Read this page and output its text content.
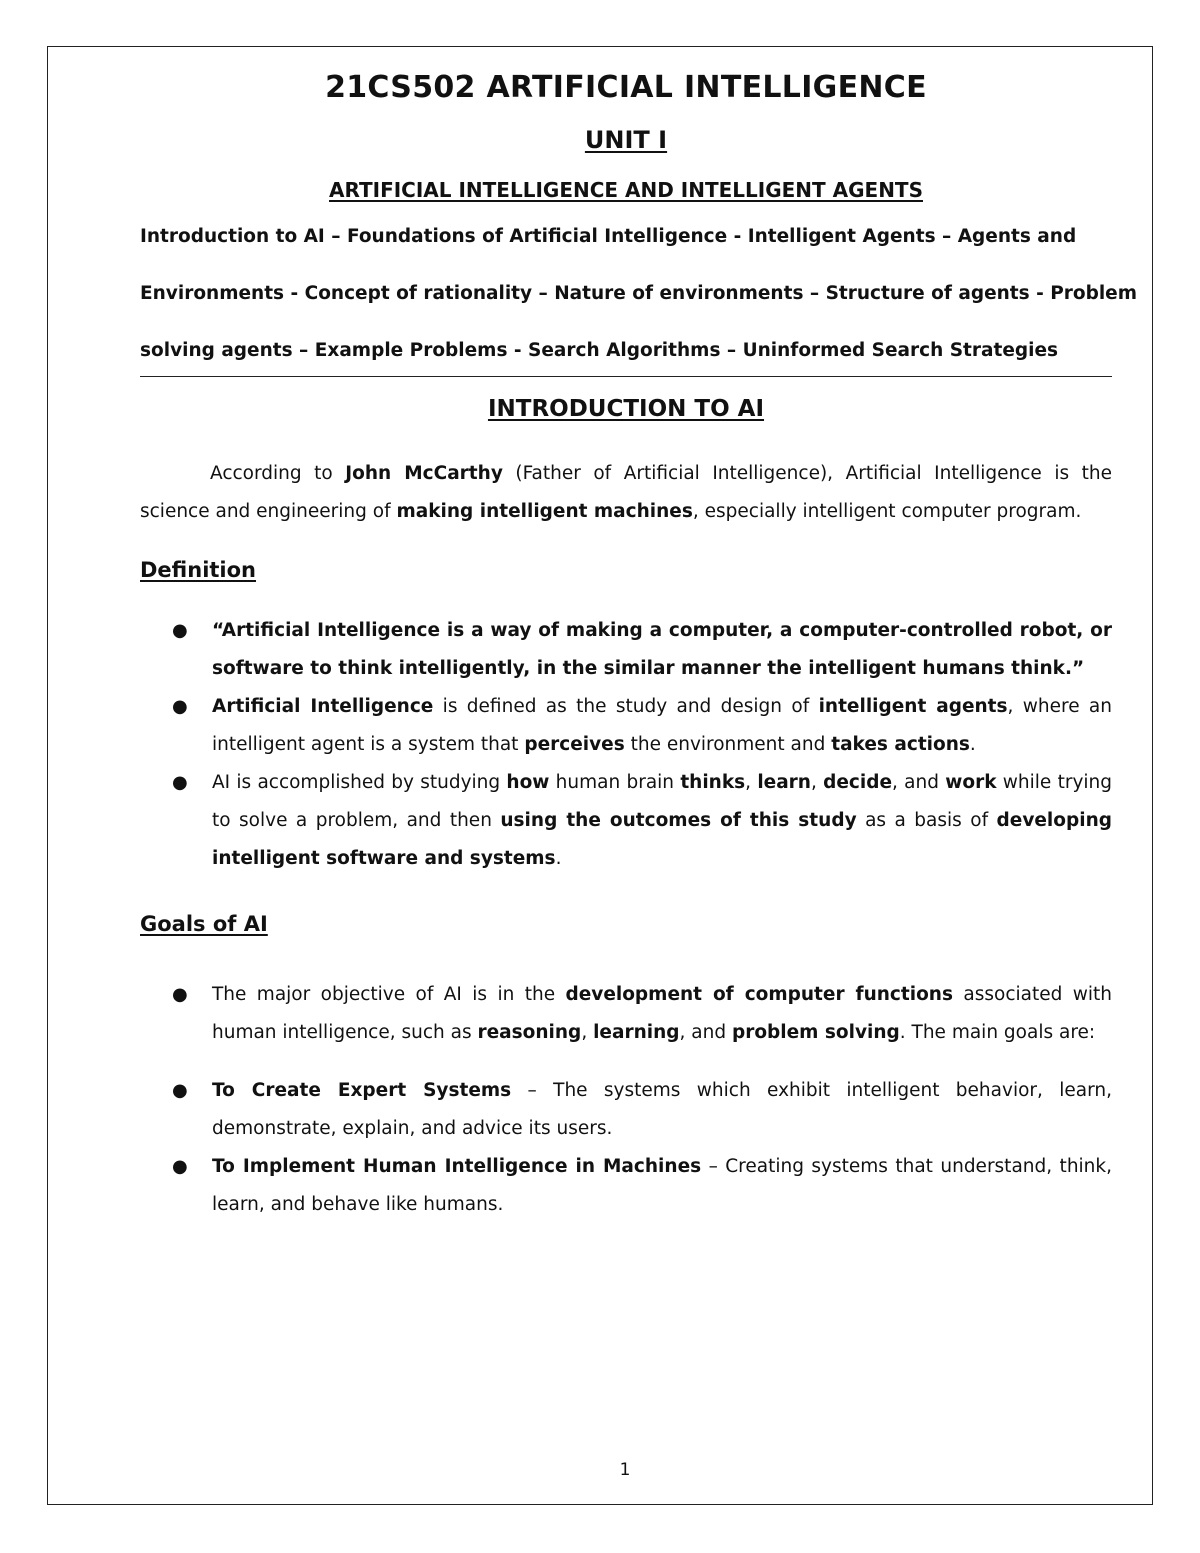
21CS502 ARTIFICIAL INTELLIGENCE
UNIT I
ARTIFICIAL INTELLIGENCE AND INTELLIGENT AGENTS
Introduction to AI – Foundations of Artificial Intelligence - Intelligent Agents – Agents and
Environments - Concept of rationality – Nature of environments – Structure of agents - Problem
solving agents – Example Problems - Search Algorithms – Uninformed Search Strategies
INTRODUCTION TO AI
According to John McCarthy (Father of Artificial Intelligence), Artificial Intelligence is the science and engineering of making intelligent machines, especially intelligent computer program.
Definition
● “Artificial Intelligence is a way of making a computer, a computer-controlled robot, or software to think intelligently, in the similar manner the intelligent humans think.”
● Artificial Intelligence is defined as the study and design of intelligent agents, where an intelligent agent is a system that perceives the environment and takes actions.
● AI is accomplished by studying how human brain thinks, learn, decide, and work while trying to solve a problem, and then using the outcomes of this study as a basis of developing intelligent software and systems.
Goals of AI
● The major objective of AI is in the development of computer functions associated with human intelligence, such as reasoning, learning, and problem solving. The main goals are:
● To Create Expert Systems – The systems which exhibit intelligent behavior, learn, demonstrate, explain, and advice its users.
● To Implement Human Intelligence in Machines – Creating systems that understand, think, learn, and behave like humans.
1
